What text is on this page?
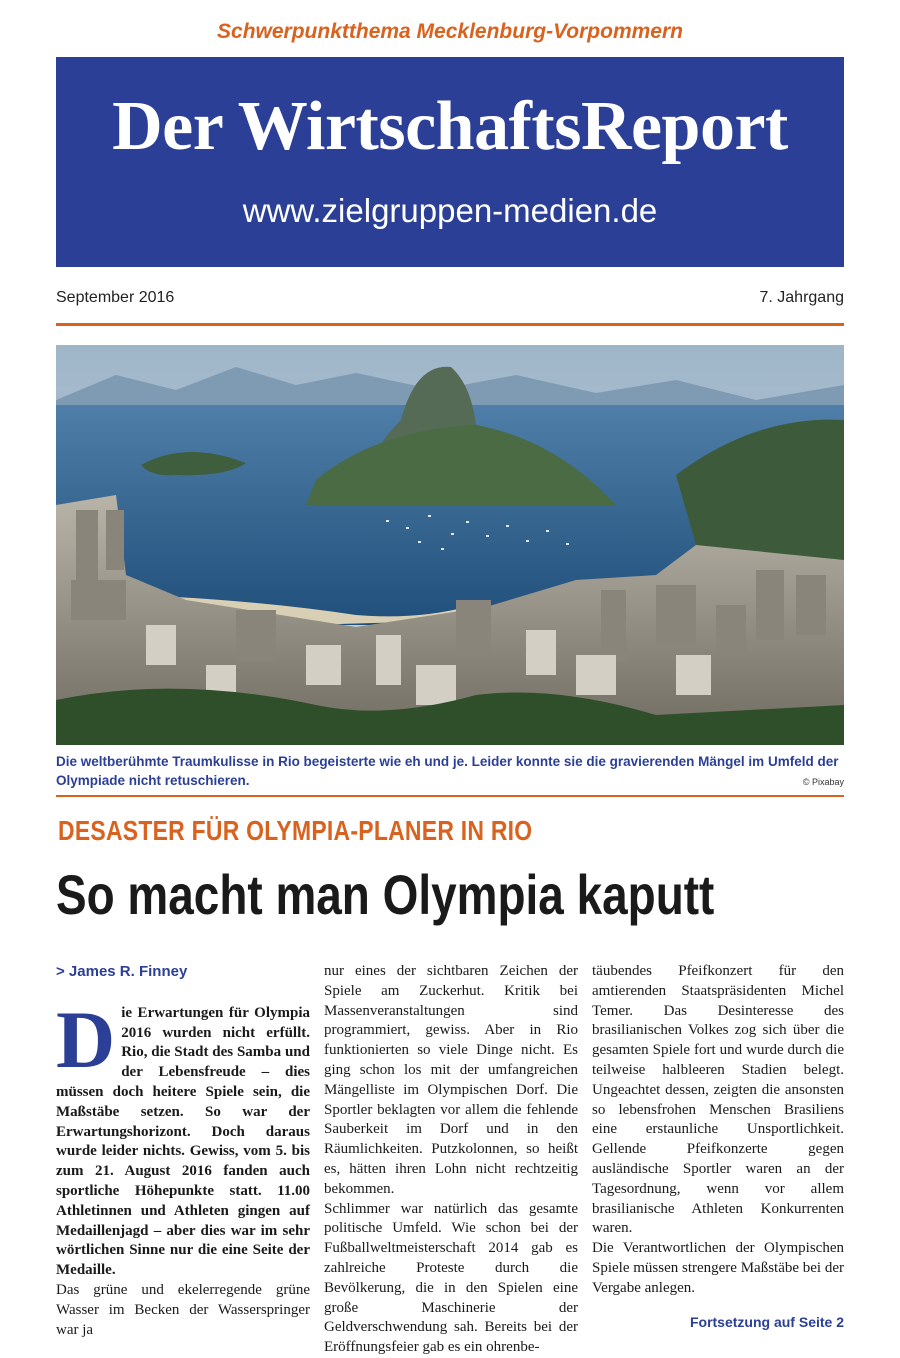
Schwerpunktthema Mecklenburg-Vorpommern
Der WirtschaftsReport
www.zielgruppen-medien.de
September 2016	7. Jahrgang
Die weltberühmte Traumkulisse in Rio begeisterte wie eh und je. Leider konnte sie die gravierenden Mängel im Umfeld der Olympiade nicht retuschieren.	© Pixabay
DESASTER FÜR OLYMPIA-PLANER IN RIO
So macht man Olympia kaputt

> James R. Finney

Die Erwartungen für Olympia 2016 wurden nicht erfüllt. Rio, die Stadt des Samba und der Lebensfreude – dies müssen doch heitere Spiele sein, die Maßstäbe setzen. So war der Erwartungshorizont. Doch daraus wurde leider nichts. Gewiss, vom 5. bis zum 21. August 2016 fanden auch sportliche Höhepunkte statt. 11.00 Athletinnen und Athleten gingen auf Medaillenjagd – aber dies war im sehr wörtlichen Sinne nur die eine Seite der Medaille.

Das grüne und ekelerregende grüne Wasser im Becken der Wasserspringer war ja

nur eines der sichtbaren Zeichen der Spiele am Zuckerhut. Kritik bei Massenveranstaltungen sind programmiert, gewiss. Aber in Rio funktionierten so viele Dinge nicht. Es ging schon los mit der umfangreichen Mängelliste im Olympischen Dorf. Die Sportler beklagten vor allem die fehlende Sauberkeit im Dorf und in den Räumlichkeiten. Putzkolonnen, so heißt es, hätten ihren Lohn nicht rechtzeitig bekommen.

Schlimmer war natürlich das gesamte politische Umfeld. Wie schon bei der Fußballweltmeisterschaft 2014 gab es zahlreiche Proteste durch die Bevölkerung, die in den Spielen eine große Maschinerie der Geldverschwendung sah. Bereits bei der Eröffnungsfeier gab es ein ohrenbe-

täubendes Pfeifkonzert für den amtierenden Staatspräsidenten Michel Temer. Das Desinteresse des brasilianischen Volkes zog sich über die gesamten Spiele fort und wurde durch die teilweise halbleeren Stadien belegt. Ungeachtet dessen, zeigten die ansonsten so lebensfrohen Menschen Brasiliens eine erstaunliche Unsportlichkeit. Gellende Pfeifkonzerte gegen ausländische Sportler waren an der Tagesordnung, wenn vor allem brasilianische Athleten Konkurrenten waren.

Die Verantwortlichen der Olympischen Spiele müssen strengere Maßstäbe bei der Vergabe anlegen.

Fortsetzung auf Seite 2
